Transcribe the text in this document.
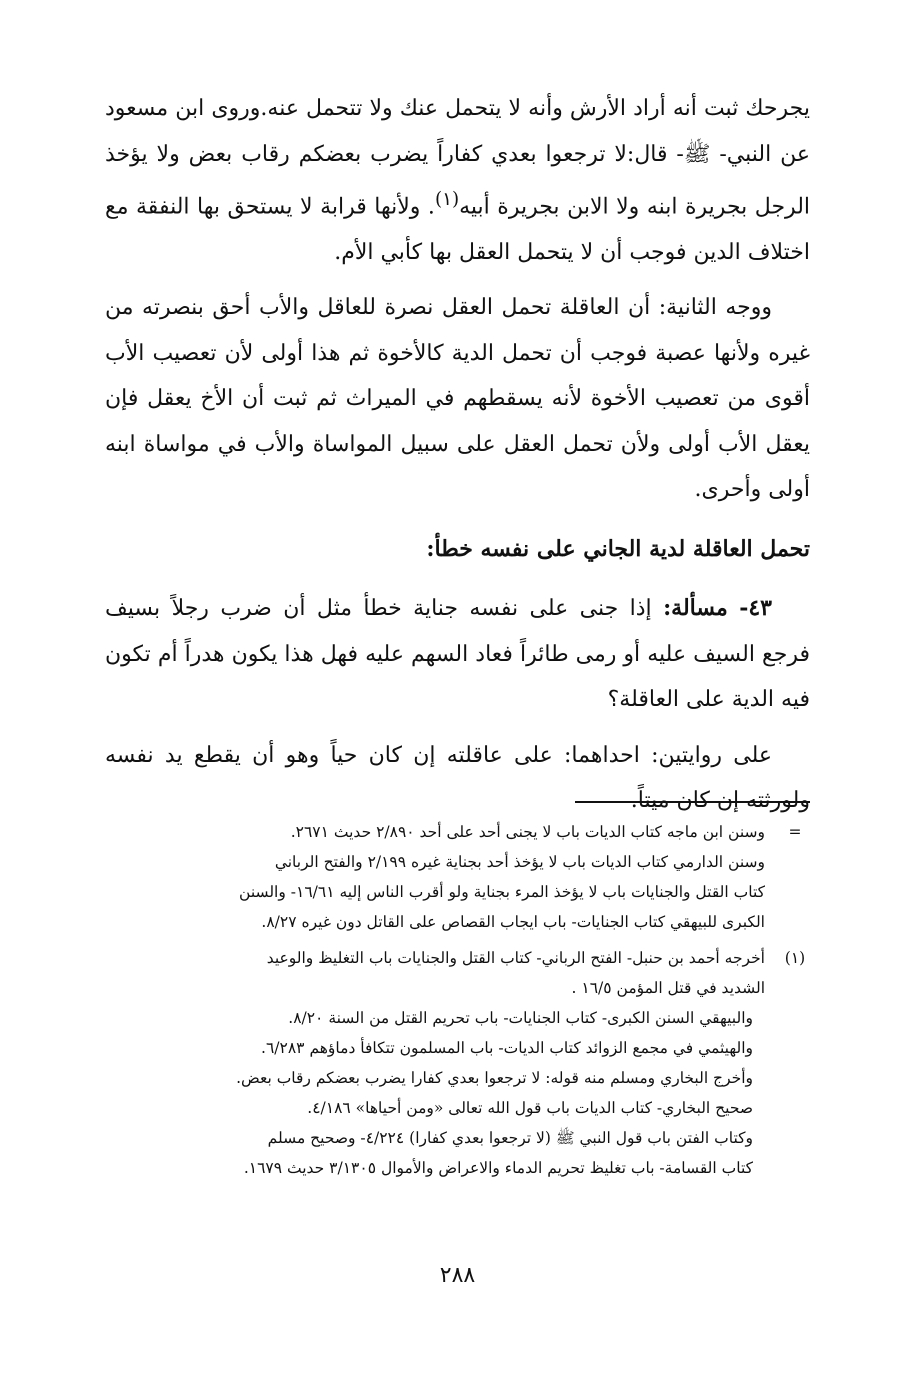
يجرحك ثبت أنه أراد الأرش وأنه لا يتحمل عنك ولا تتحمل عنه.وروى ابن مسعود عن النبي- ﷺ- قال:لا ترجعوا بعدي كفاراً يضرب بعضكم رقاب بعض ولا يؤخذ الرجل بجريرة ابنه ولا الابن بجريرة أبيه$^{(١)}$. ولأنها قرابة لا يستحق بها النفقة مع اختلاف الدين فوجب أن لا يتحمل العقل بها كأبي الأم.

ووجه الثانية: أن العاقلة تحمل العقل نصرة للعاقل والأب أحق بنصرته من غيره ولأنها عصبة فوجب أن تحمل الدية كالأخوة ثم هذا أولى لأن تعصيب الأب أقوى من تعصيب الأخوة لأنه يسقطهم في الميراث ثم ثبت أن الأخ يعقل فإن يعقل الأب أولى ولأن تحمل العقل على سبيل المواساة والأب في مواساة ابنه أولى وأحرى.

تحمل العاقلة لدية الجاني على نفسه خطأ:

٤٣- مسألة: إذا جنى على نفسه جناية خطأ مثل أن ضرب رجلاً بسيف فرجع السيف عليه أو رمى طائراً فعاد السهم عليه فهل هذا يكون هدراً أم تكون فيه الدية على العاقلة؟

على روايتين: احداهما: على عاقلته إن كان حياً وهو أن يقطع يد نفسه ولورثته إن كان ميتاً.

=
وسنن ابن ماجه كتاب الديات باب لا يجنى أحد على أحد ٢/٨٩٠ حديث ٢٦٧١.
وسنن الدارمي كتاب الديات باب لا يؤخذ أحد بجناية غيره ٢/١٩٩ والفتح الرباني
كتاب القتل والجنايات باب لا يؤخذ المرء بجناية ولو أقرب الناس إليه ١٦/٦١- والسنن
الكبرى للبيهقي كتاب الجنايات- باب ايجاب القصاص على القاتل دون غيره ٨/٢٧.
(١)
أخرجه أحمد بن حنبل- الفتح الرباني- كتاب القتل والجنايات باب التغليظ والوعيد
الشديد في قتل المؤمن ١٦/٥ .
والبيهقي السنن الكبرى- كتاب الجنايات- باب تحريم القتل من السنة ٨/٢٠.
والهيثمي في مجمع الزوائد كتاب الديات- باب المسلمون تتكافأ دماؤهم ٦/٢٨٣.
وأخرج البخاري ومسلم منه قوله: لا ترجعوا بعدي كفارا يضرب بعضكم رقاب بعض.
صحيح البخاري- كتاب الديات باب قول الله تعالى «ومن أحياها» ٤/١٨٦.
وكتاب الفتن باب قول النبي ﷺ (لا ترجعوا بعدي كفارا) ٤/٢٢٤- وصحيح مسلم
كتاب القسامة- باب تغليظ تحريم الدماء والاعراض والأموال ٣/١٣٠٥ حديث ١٦٧٩.
٢٨٨
